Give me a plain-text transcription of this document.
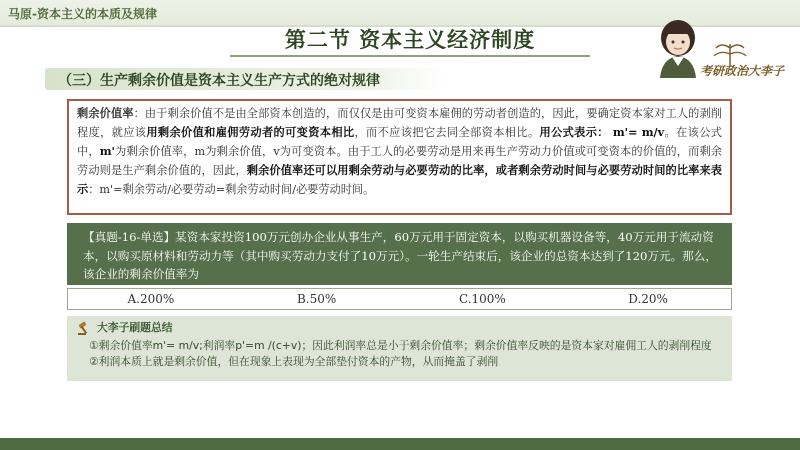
马原-资本主义的本质及规律
第二节 资本主义经济制度
（三）生产剩余价值是资本主义生产方式的绝对规律
考研政治大李子
剩余价值率：由于剩余价值不是由全部资本创造的，而仅仅是由可变资本雇佣的劳动者创造的，因此，要确定资本家对工人的剥削程度，就应该用剩余价值和雇佣劳动者的可变资本相比，而不应该把它去同全部资本相比。用公式表示： m'= m/v。在该公式中，m'为剩余价值率，m为剩余价值，v为可变资本。由于工人的必要劳动是用来再生产劳动力价值或可变资本的价值的，而剩余劳动则是生产剩余价值的，因此，剩余价值率还可以用剩余劳动与必要劳动的比率，或者剩余劳动时间与必要劳动时间的比率来表示：m'=剩余劳动/必要劳动=剩余劳动时间/必要劳动时间。
【真题-16-单选】某资本家投资100万元创办企业从事生产，60万元用于固定资本，以购买机器设备等，40万元用于流动资本，以购买原材料和劳动力等（其中购买劳动力支付了10万元）。一轮生产结束后，该企业的总资本达到了120万元。那么，该企业的剩余价值率为
A.200%	B.50%	C.100%	D.20%
大李子刷题总结
①剩余价值率m'= m/v;利润率p'=m /(c+v)；因此利润率总是小于剩余价值率；剩余价值率反映的是资本家对雇佣工人的剥削程度
②利润本质上就是剩余价值，但在现象上表现为全部垫付资本的产物，从而掩盖了剥削
